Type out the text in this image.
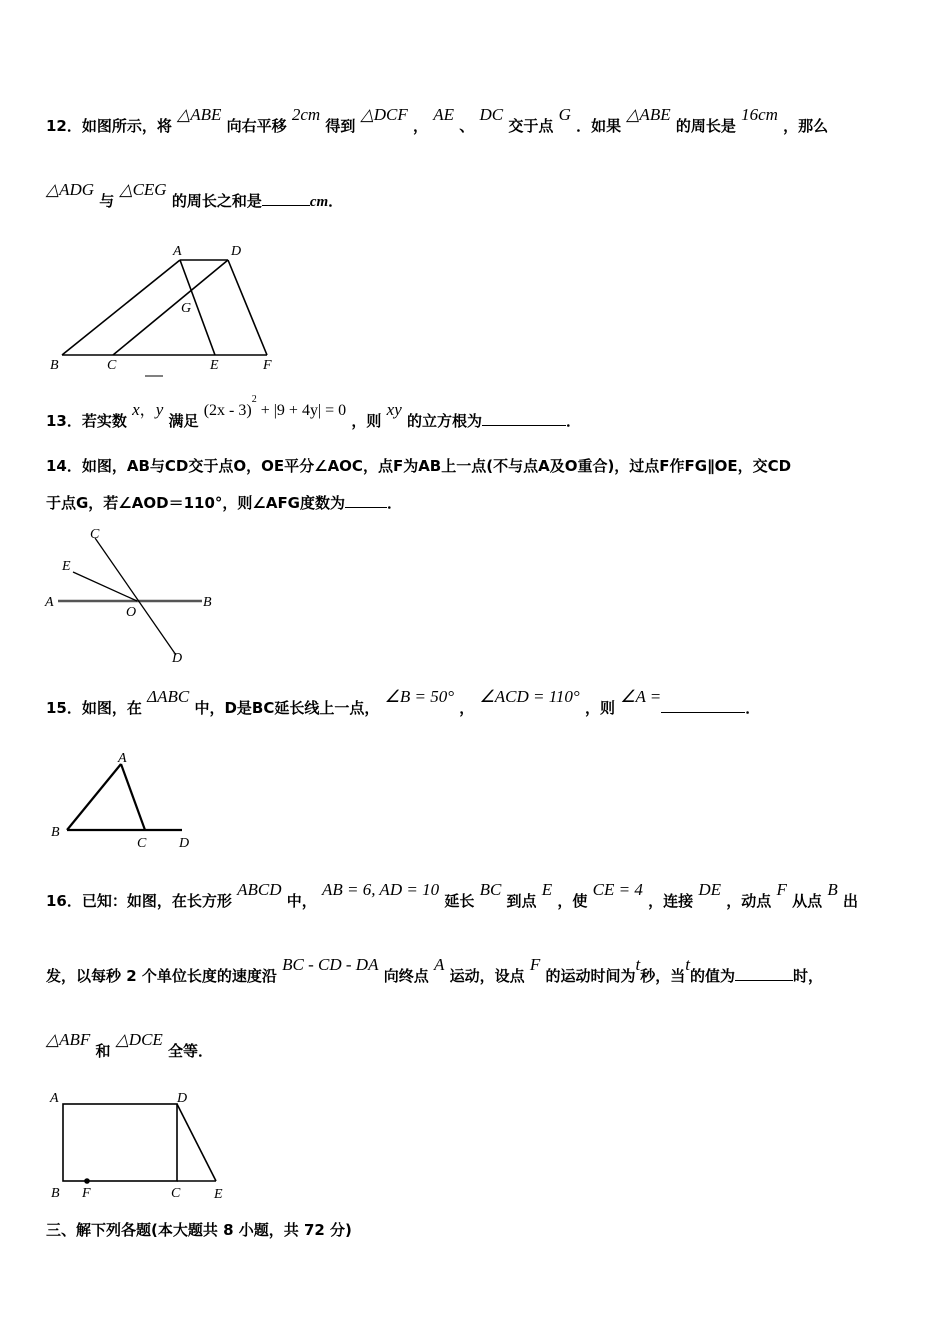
12．如图所示，将 △ABE 向右平移 2cm 得到 △DCF ， AE 、 DC 交于点 G ．如果 △ABE 的周长是 16cm ，那么
△ADG 与 △CEG 的周长之和是	cm．
A	D
G
B	C	E	F
13．若实数 x，y 满足 (2x - 3)$^2$ + |9 + 4y| = 0 ，则 xy 的立方根为	．
14．如图，AB与CD交于点O，OE平分∠AOC，点F为AB上一点(不与点A及O重合)，过点F作FG∥OE，交CD
于点G，若∠AOD＝110°，则∠AFG度数为	．
C
E
A
O
B
D
15．如图，在 ΔABC 中，D是BC延长线上一点， ∠B = 50° ， ∠ACD = 110° ，则 ∠A =．
A
B
C D
16．已知：如图，在长方形 ABCD 中， AB = 6, AD = 10 延长 BC 到点 E ，使 CE = 4 ，连接 DE ，动点 F 从点 B 出
发，以每秒 2 个单位长度的速度沿 BC - CD - DA 向终点 A 运动，设点 F 的运动时间为t秒，当t的值为	时，
△ABF 和 △DCE 全等．
A	D
B F	C E
三、解下列各题(本大题共 8 小题，共 72 分)
